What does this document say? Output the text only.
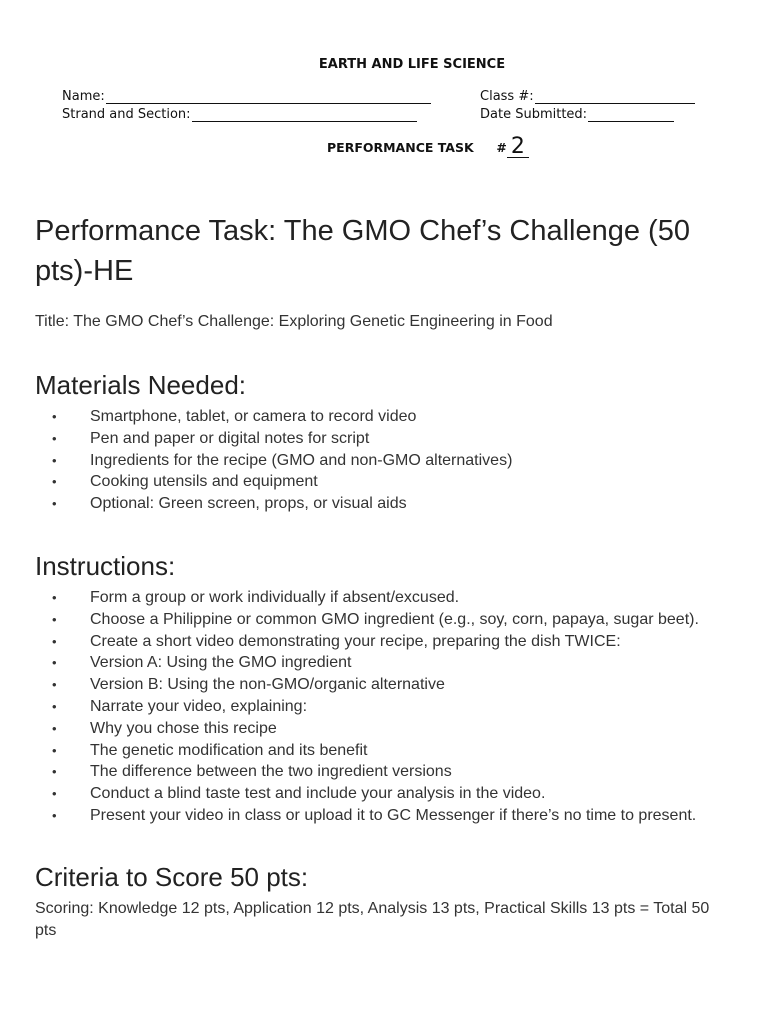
EARTH AND LIFE SCIENCE
Name:	Class #:
Strand and Section:	Date Submitted:
PERFORMANCE TASK # 2
Performance Task: The GMO Chef’s Challenge (50 pts)-HE
Title: The GMO Chef’s Challenge: Exploring Genetic Engineering in Food
Materials Needed:
• Smartphone, tablet, or camera to record video
• Pen and paper or digital notes for script
• Ingredients for the recipe (GMO and non-GMO alternatives)
• Cooking utensils and equipment
• Optional: Green screen, props, or visual aids
Instructions:
• Form a group or work individually if absent/excused.
• Choose a Philippine or common GMO ingredient (e.g., soy, corn, papaya, sugar beet).
• Create a short video demonstrating your recipe, preparing the dish TWICE:
• Version A: Using the GMO ingredient
• Version B: Using the non-GMO/organic alternative
• Narrate your video, explaining:
• Why you chose this recipe
• The genetic modification and its benefit
• The difference between the two ingredient versions
• Conduct a blind taste test and include your analysis in the video.
• Present your video in class or upload it to GC Messenger if there’s no time to present.
Criteria to Score 50 pts:
Scoring: Knowledge 12 pts, Application 12 pts, Analysis 13 pts, Practical Skills 13 pts = Total 50 pts
